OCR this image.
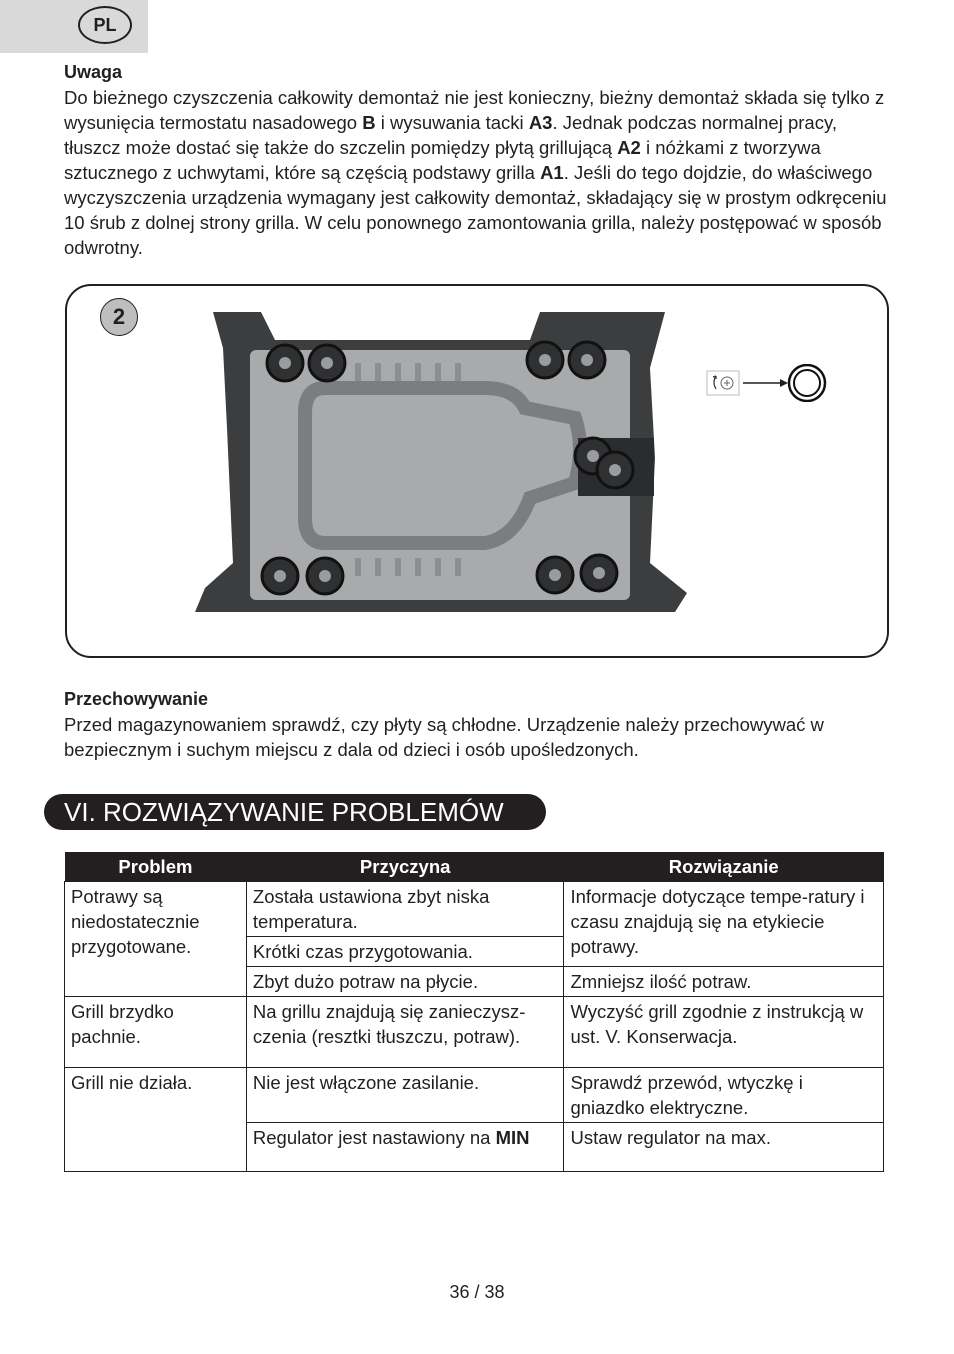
PL
Uwaga
Do bieżnego czyszczenia całkowity demontaż nie jest konieczny, bieżny demontaż składa się tylko z wysunięcia termostatu nasadowego B i wysuwania tacki A3. Jednak podczas normalnej pracy, tłuszcz może dostać się także do szczelin pomiędzy płytą grillującą A2 i nóżkami z tworzywa sztucznego z uchwytami, które są częścią podstawy grilla A1. Jeśli do tego dojdzie, do właściwego wyczyszczenia urządzenia wymagany jest całkowity demontaż, składający się w prostym odkręceniu 10 śrub z dolnej strony grilla. W celu ponownego zamontowania grilla, należy postępować w sposób odwrotny.
2
Przechowywanie
Przed magazynowaniem sprawdź, czy płyty są chłodne. Urządzenie należy przechowywać w bezpiecznym i suchym miejscu z dala od dzieci i osób upośledzonych.
VI. ROZWIĄZYWANIE PROBLEMÓW
Problem	Przyczyna	Rozwiązanie
Potrawy są niedostatecznie przygotowane.	Została ustawiona zbyt niska temperatura.	Informacje dotyczące tempe-ratury i czasu znajdują się na etykiecie potrawy.
	Krótki czas przygotowania.	
	Zbyt dużo potraw na płycie.	Zmniejsz ilość potraw.
Grill brzydko pachnie.	Na grillu znajdują się zanieczysz-czenia (resztki tłuszczu, potraw).	Wyczyść grill zgodnie z instrukcją w ust. V. Konserwacja.
Grill nie działa.	Nie jest włączone zasilanie.	Sprawdź przewód, wtyczkę i gniazdko elektryczne.
	Regulator jest nastawiony na MIN	Ustaw regulator na max.
36 / 38
